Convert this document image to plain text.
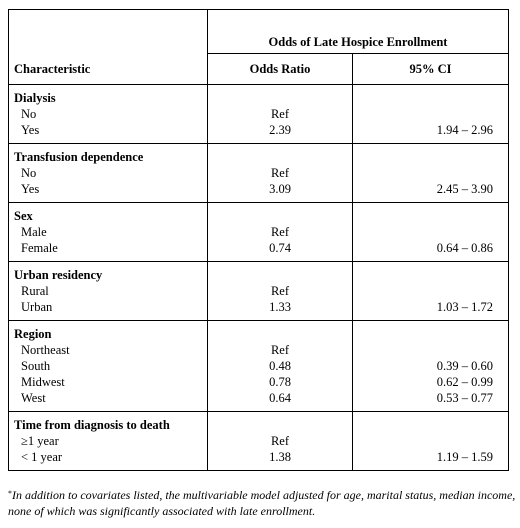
	Odds of Late Hospice Enrollment	
Characteristic	Odds Ratio	95% CI
Dialysis		
No	Ref	
Yes	2.39	1.94 – 2.96
Transfusion dependence		
No	Ref	
Yes	3.09	2.45 – 3.90
Sex		
Male	Ref	
Female	0.74	0.64 – 0.86
Urban residency		
Rural	Ref	
Urban	1.33	1.03 – 1.72
Region		
Northeast	Ref	
South	0.48	0.39 – 0.60
Midwest	0.78	0.62 – 0.99
West	0.64	0.53 – 0.77
Time from diagnosis to death		
≥1 year	Ref	
< 1 year	1.38	1.19 – 1.59
*In addition to covariates listed, the multivariable model adjusted for age, marital status, median income, none of which was significantly associated with late enrollment.
